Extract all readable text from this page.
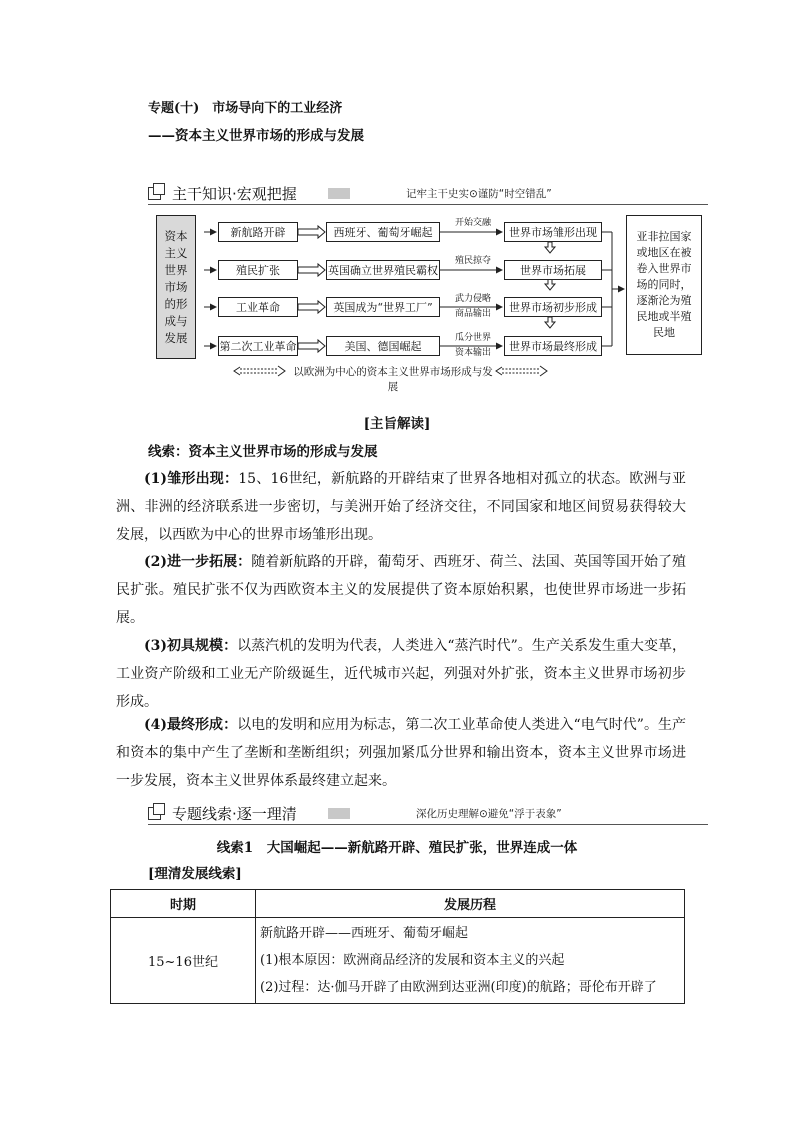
专题(十)　市场导向下的工业经济
——资本主义世界市场的形成与发展
主干知识·宏观把握	记牢主干史实⊙谨防“时空错乱”
资本主义世界市场的形成与发展
新航路开辟
殖民扩张
工业革命
第二次工业革命
西班牙、葡萄牙崛起
英国确立世界殖民霸权
英国成为“世界工厂”
美国、德国崛起
开始交融
殖民掠夺
武力侵略
商品输出
瓜分世界
资本输出
世界市场雏形出现
世界市场拓展
世界市场初步形成
世界市场最终形成
亚非拉国家或地区在被卷入世界市场的同时，逐渐沦为殖民地或半殖民地
以欧洲为中心的资本主义世界市场形成与发展
[主旨解读]
线索：资本主义世界市场的形成与发展
(1)雏形出现：15、16世纪，新航路的开辟结束了世界各地相对孤立的状态。欧洲与亚洲、非洲的经济联系进一步密切，与美洲开始了经济交往，不同国家和地区间贸易获得较大发展，以西欧为中心的世界市场雏形出现。
(2)进一步拓展：随着新航路的开辟，葡萄牙、西班牙、荷兰、法国、英国等国开始了殖民扩张。殖民扩张不仅为西欧资本主义的发展提供了资本原始积累，也使世界市场进一步拓展。
(3)初具规模：以蒸汽机的发明为代表，人类进入“蒸汽时代”。生产关系发生重大变革，工业资产阶级和工业无产阶级诞生，近代城市兴起，列强对外扩张，资本主义世界市场初步形成。
(4)最终形成：以电的发明和应用为标志，第二次工业革命使人类进入“电气时代”。生产和资本的集中产生了垄断和垄断组织；列强加紧瓜分世界和输出资本，资本主义世界市场进一步发展，资本主义世界体系最终建立起来。
专题线索·逐一理清	深化历史理解⊙避免“浮于表象”
线索1　大国崛起——新航路开辟、殖民扩张，世界连成一体
[理清发展线索]
时期	发展历程
15~16世纪	新航路开辟——西班牙、葡萄牙崛起
(1)根本原因：欧洲商品经济的发展和资本主义的兴起
(2)过程：达·伽马开辟了由欧洲到达亚洲(印度)的航路；哥伦布开辟了
